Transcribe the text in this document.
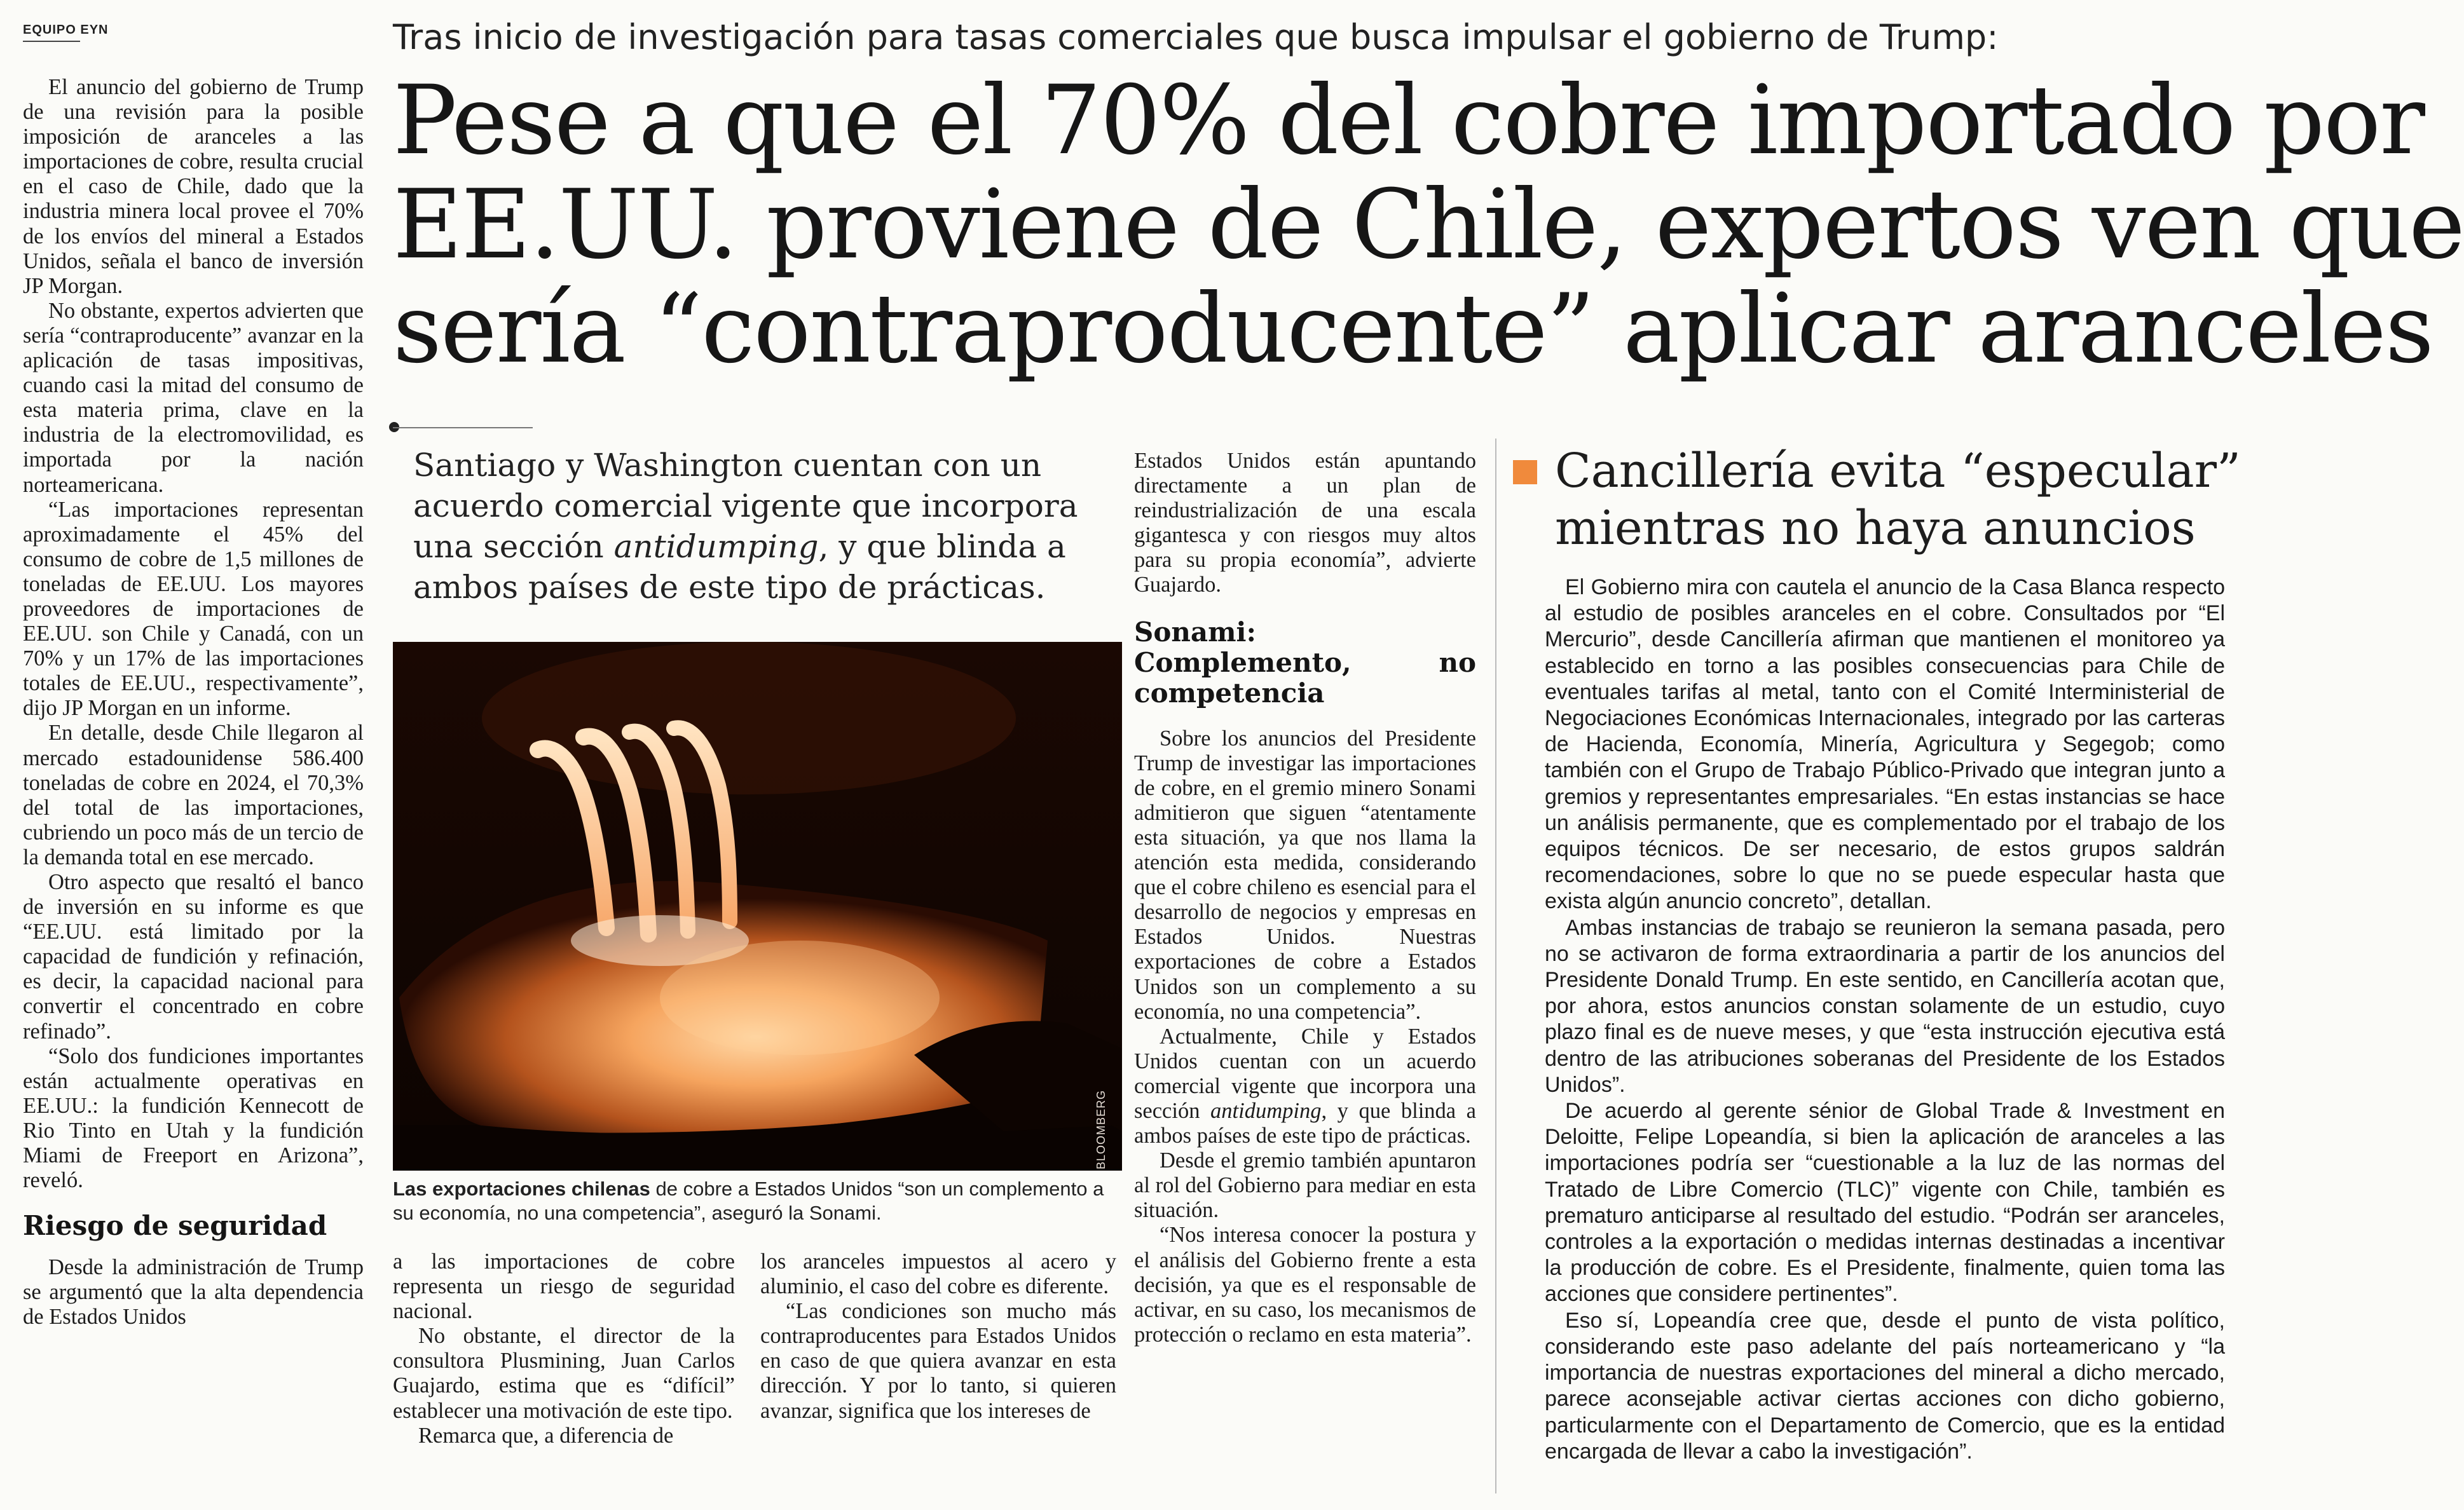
EQUIPO EYN

El anuncio del gobierno de Trump de una revisión para la posible imposición de aranceles a las importaciones de cobre, resulta crucial en el caso de Chile, dado que la industria minera local provee el 70% de los envíos del mineral a Estados Unidos, señala el banco de inversión JP Morgan.

No obstante, expertos advierten que sería “contraproducente” avanzar en la aplicación de tasas impositivas, cuando casi la mitad del consumo de esta materia prima, clave en la industria de la electromovilidad, es importada por la nación norteamericana.

“Las importaciones representan aproximadamente el 45% del consumo de cobre de 1,5 millones de toneladas de EE.UU. Los mayores proveedores de importaciones de EE.UU. son Chile y Canadá, con un 70% y un 17% de las importaciones totales de EE.UU., respectivamente”, dijo JP Morgan en un informe.

En detalle, desde Chile llegaron al mercado estadounidense 586.400 toneladas de cobre en 2024, el 70,3% del total de las importaciones, cubriendo un poco más de un tercio de la demanda total en ese mercado.

Otro aspecto que resaltó el banco de inversión en su informe es que “EE.UU. está limitado por la capacidad de fundición y refinación, es decir, la capacidad nacional para convertir el concentrado en cobre refinado”.

“Solo dos fundiciones importantes están actualmente operativas en EE.UU.: la fundición Kennecott de Rio Tinto en Utah y la fundición Miami de Freeport en Arizona”, reveló.

Riesgo de seguridad

Desde la administración de Trump se argumentó que la alta dependencia de Estados Unidos

Tras inicio de investigación para tasas comerciales que busca impulsar el gobierno de Trump:
Pese a que el 70% del cobre importado por
EE.UU. proviene de Chile, expertos ven que
sería “contraproducente” aplicar aranceles
Santiago y Washington cuentan con un
acuerdo comercial vigente que incorpora
una sección antidumping, y que blinda a
ambos países de este tipo de prácticas.
BLOOMBERG
Las exportaciones chilenas de cobre a Estados Unidos “son un complemento a su economía, no una competencia”, aseguró la Sonami.

a las importaciones de cobre representa un riesgo de seguridad nacional.

No obstante, el director de la consultora Plusmining, Juan Carlos Guajardo, estima que es “difícil” establecer una motivación de este tipo.

Remarca que, a diferencia de

los aranceles impuestos al acero y aluminio, el caso del cobre es diferente.

“Las condiciones son mucho más contraproducentes para Estados Unidos en caso de que quiera avanzar en esta dirección. Y por lo tanto, si quieren avanzar, significa que los intereses de

Estados Unidos están apuntando directamente a un plan de reindustrialización de una escala gigantesca y con riesgos muy altos para su propia economía”, advierte Guajardo.

Sonami: Complemento, no competencia

Sobre los anuncios del Presidente Trump de investigar las importaciones de cobre, en el gremio minero Sonami admitieron que siguen “atentamente esta situación, ya que nos llama la atención esta medida, considerando que el cobre chileno es esencial para el desarrollo de negocios y empresas en Estados Unidos. Nuestras exportaciones de cobre a Estados Unidos son un complemento a su economía, no una competencia”.

Actualmente, Chile y Estados Unidos cuentan con un acuerdo comercial vigente que incorpora una sección antidumping, y que blinda a ambos países de este tipo de prácticas.

Desde el gremio también apuntaron al rol del Gobierno para mediar en esta situación.

“Nos interesa conocer la postura y el análisis del Gobierno frente a esta decisión, ya que es el responsable de activar, en su caso, los mecanismos de protección o reclamo en esta materia”.

Cancillería evita “especular”
mientras no haya anuncios

El Gobierno mira con cautela el anuncio de la Casa Blanca respecto al estudio de posibles aranceles en el cobre. Consultados por “El Mercurio”, desde Cancillería afirman que mantienen el monitoreo ya establecido en torno a las posibles consecuencias para Chile de eventuales tarifas al metal, tanto con el Comité Interministerial de Negociaciones Económicas Internacionales, integrado por las carteras de Hacienda, Economía, Minería, Agricultura y Segegob; como también con el Grupo de Trabajo Público-Privado que integran junto a gremios y representantes empresariales. “En estas instancias se hace un análisis permanente, que es complementado por el trabajo de los equipos técnicos. De ser necesario, de estos grupos saldrán recomendaciones, sobre lo que no se puede especular hasta que exista algún anuncio concreto”, detallan.

Ambas instancias de trabajo se reunieron la semana pasada, pero no se activaron de forma extraordinaria a partir de los anuncios del Presidente Donald Trump. En este sentido, en Cancillería acotan que, por ahora, estos anuncios constan solamente de un estudio, cuyo plazo final es de nueve meses, y que “esta instrucción ejecutiva está dentro de las atribuciones soberanas del Presidente de los Estados Unidos”.

De acuerdo al gerente sénior de Global Trade & Investment en Deloitte, Felipe Lopeandía, si bien la aplicación de aranceles a las importaciones podría ser “cuestionable a la luz de las normas del Tratado de Libre Comercio (TLC)” vigente con Chile, también es prematuro anticiparse al resultado del estudio. “Podrán ser aranceles, controles a la exportación o medidas internas destinadas a incentivar la producción de cobre. Es el Presidente, finalmente, quien toma las acciones que considere pertinentes”.

Eso sí, Lopeandía cree que, desde el punto de vista político, considerando este paso adelante del país norteamericano y “la importancia de nuestras exportaciones del mineral a dicho mercado, parece aconsejable activar ciertas acciones con dicho gobierno, particularmente con el Departamento de Comercio, que es la entidad encargada de llevar a cabo la investigación”.
